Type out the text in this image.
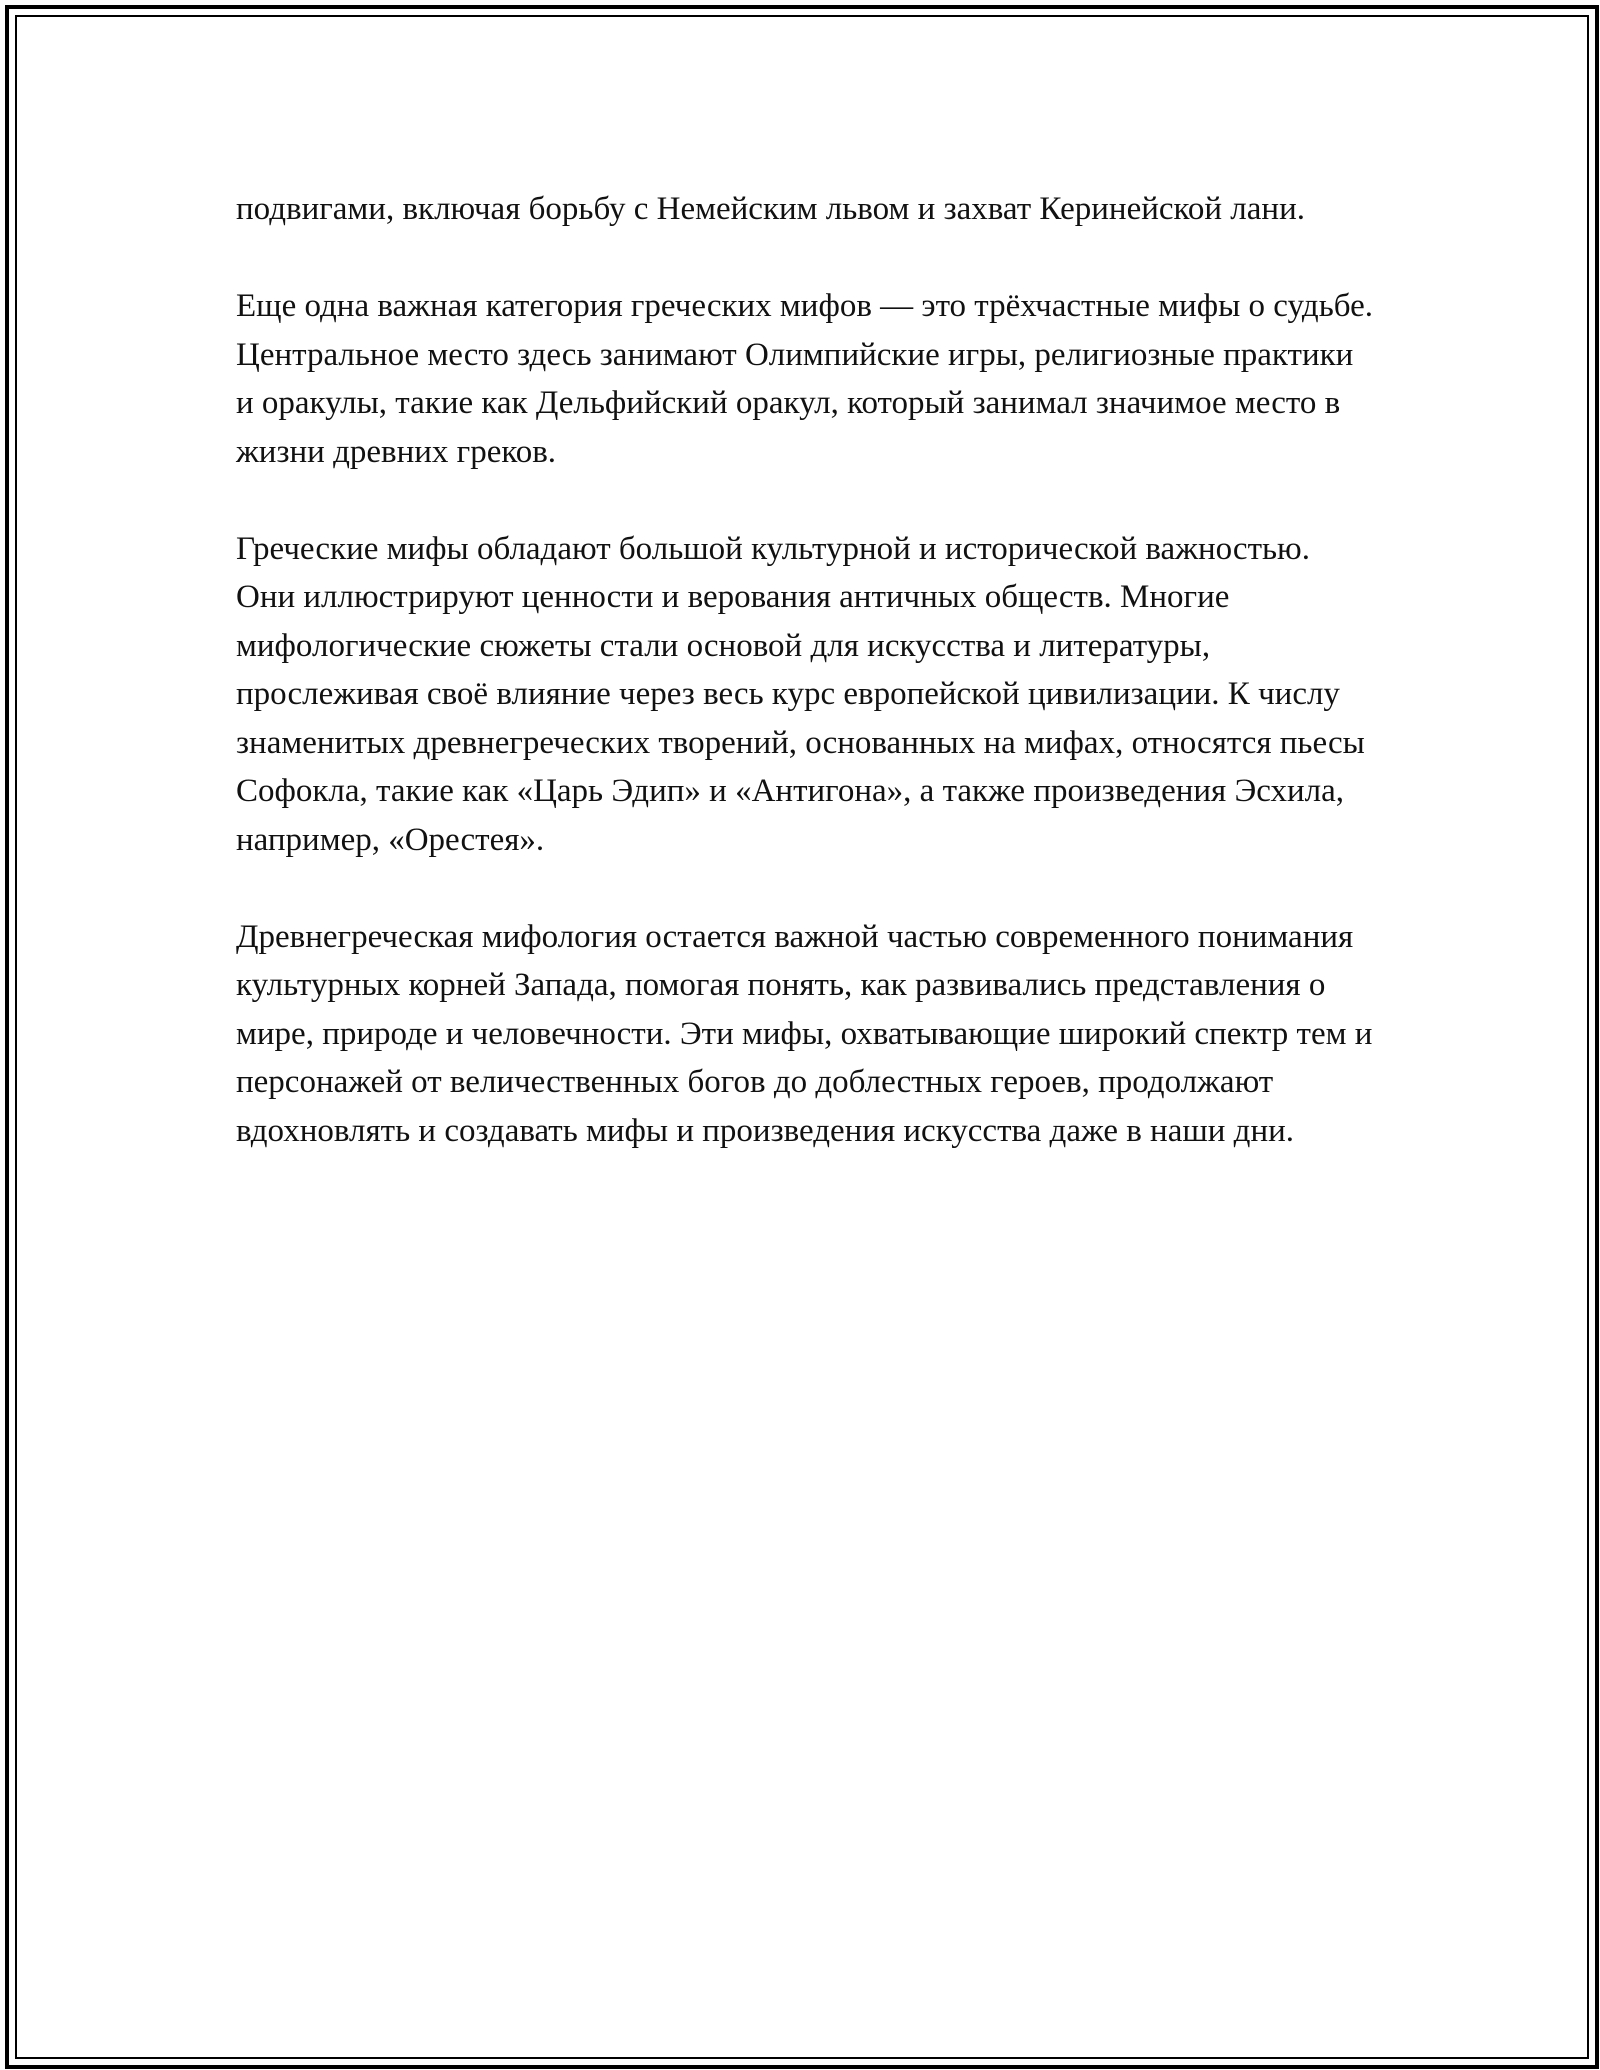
подвигами, включая борьбу с Немейским львом и захват Керинейской лани.

Еще одна важная категория греческих мифов — это трёхчастные мифы о судьбе. Центральное место здесь занимают Олимпийские игры, религиозные практики и оракулы, такие как Дельфийский оракул, который занимал значимое место в жизни древних греков.

Греческие мифы обладают большой культурной и исторической важностью. Они иллюстрируют ценности и верования античных обществ. Многие мифологические сюжеты стали основой для искусства и литературы, прослеживая своё влияние через весь курс европейской цивилизации. К числу знаменитых древнегреческих творений, основанных на мифах, относятся пьесы Софокла, такие как «Царь Эдип» и «Антигона», а также произведения Эсхила, например, «Орестея».

Древнегреческая мифология остается важной частью современного понимания культурных корней Запада, помогая понять, как развивались представления о мире, природе и человечности. Эти мифы, охватывающие широкий спектр тем и персонажей от величественных богов до доблестных героев, продолжают вдохновлять и создавать мифы и произведения искусства даже в наши дни.
